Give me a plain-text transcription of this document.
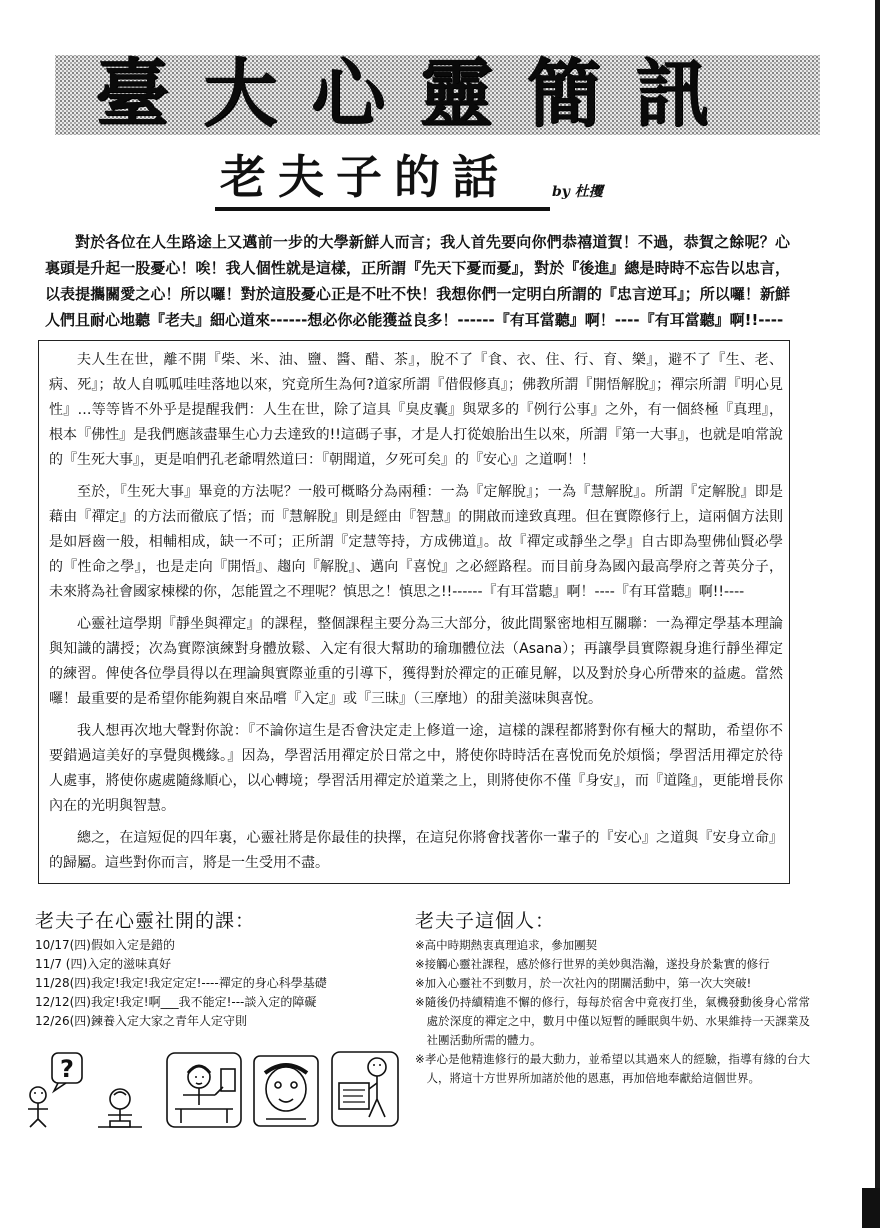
臺大心靈簡訊
老夫子的話	by 杜攫

對於各位在人生路途上又邁前一步的大學新鮮人而言；我人首先要向你們恭禧道賀！不過，恭賀之餘呢？心裏頭是升起一股憂心！唉！我人個性就是這樣，正所謂『先天下憂而憂』，對於『後進』總是時時不忘告以忠言，以表提攜關愛之心！所以囉！對於這股憂心正是不吐不快！我想你們一定明白所謂的『忠言逆耳』；所以囉！新鮮人們且耐心地聽『老夫』細心道來------想必你必能獲益良多！------『有耳當聽』啊！----『有耳當聽』啊!!----

夫人生在世，離不開『柴、米、油、鹽、醬、醋、茶』，脫不了『食、衣、住、行、育、樂』，避不了『生、老、病、死』；故人自呱呱哇哇落地以來，究竟所生為何?道家所謂『借假修真』；佛教所謂『開悟解脫』；禪宗所謂『明心見性』…等等皆不外乎是提醒我們：人生在世，除了這具『臭皮囊』與眾多的『例行公事』之外，有一個終極『真理』，根本『佛性』是我們應該盡畢生心力去達致的!!這碼子事，才是人打從娘胎出生以來，所謂『第一大事』，也就是咱常說的『生死大事』，更是咱們孔老爺喟然道曰：『朝聞道，夕死可矣』的『安心』之道啊！！

至於，『生死大事』畢竟的方法呢？一般可概略分為兩種：一為『定解脫』；一為『慧解脫』。所謂『定解脫』即是藉由『禪定』的方法而徹底了悟；而『慧解脫』則是經由『智慧』的開啟而達致真理。但在實際修行上，這兩個方法則是如唇齒一般，相輔相成，缺一不可；正所謂『定慧等持，方成佛道』。故『禪定或靜坐之學』自古即為聖佛仙賢必學的『性命之學』，也是走向『開悟』、趨向『解脫』、邁向『喜悅』之必經路程。而目前身為國內最高學府之菁英分子，未來將為社會國家棟樑的你，怎能置之不理呢？慎思之！慎思之!!------『有耳當聽』啊！----『有耳當聽』啊!!----

心靈社這學期『靜坐與禪定』的課程，整個課程主要分為三大部分，彼此間緊密地相互關聯：一為禪定學基本理論與知識的講授；次為實際演練對身體放鬆、入定有很大幫助的瑜珈體位法（Asana）；再讓學員實際親身進行靜坐禪定的練習。俾使各位學員得以在理論與實際並重的引導下，獲得對於禪定的正確見解，以及對於身心所帶來的益處。當然囉！最重要的是希望你能夠親自來品嚐『入定』或『三昧』（三摩地）的甜美滋味與喜悅。

我人想再次地大聲對你說：『不論你這生是否會決定走上修道一途，這樣的課程都將對你有極大的幫助，希望你不要錯過這美好的享覺與機緣。』因為，學習活用禪定於日常之中，將使你時時活在喜悅而免於煩惱；學習活用禪定於待人處事，將使你處處隨緣順心，以心轉境；學習活用禪定於道業之上，則將使你不僅『身安』，而『道隆』，更能增長你內在的光明與智慧。

總之，在這短促的四年裏，心靈社將是你最佳的抉擇，在這兒你將會找著你一輩子的『安心』之道與『安身立命』的歸屬。這些對你而言，將是一生受用不盡。

老夫子在心靈社開的課：
10/17(四)假如入定是錯的
11/7 (四)入定的滋味真好
11/28(四)我定!我定!我定定定!----禪定的身心科學基礎
12/12(四)我定!我定!啊___我不能定!---談入定的障礙
12/26(四)鍊養入定大家之青年人定守則
?
老夫子這個人：
※高中時期熱衷真理追求，參加團契
※接觸心靈社課程，感於修行世界的美妙與浩瀚，遂投身於紮實的修行
※加入心靈社不到數月，於一次社內的閉關活動中，第一次大突破!
※隨後仍持續精進不懈的修行，每每於宿舍中竟夜打坐，氣機發動後身心常常處於深度的禪定之中，數月中僅以短暫的睡眠與牛奶、水果維持一天課業及社團活動所需的體力。
※孝心是他精進修行的最大動力，並希望以其過來人的經驗，指導有緣的台大人，將這十方世界所加諸於他的恩惠，再加倍地奉獻給這個世界。
